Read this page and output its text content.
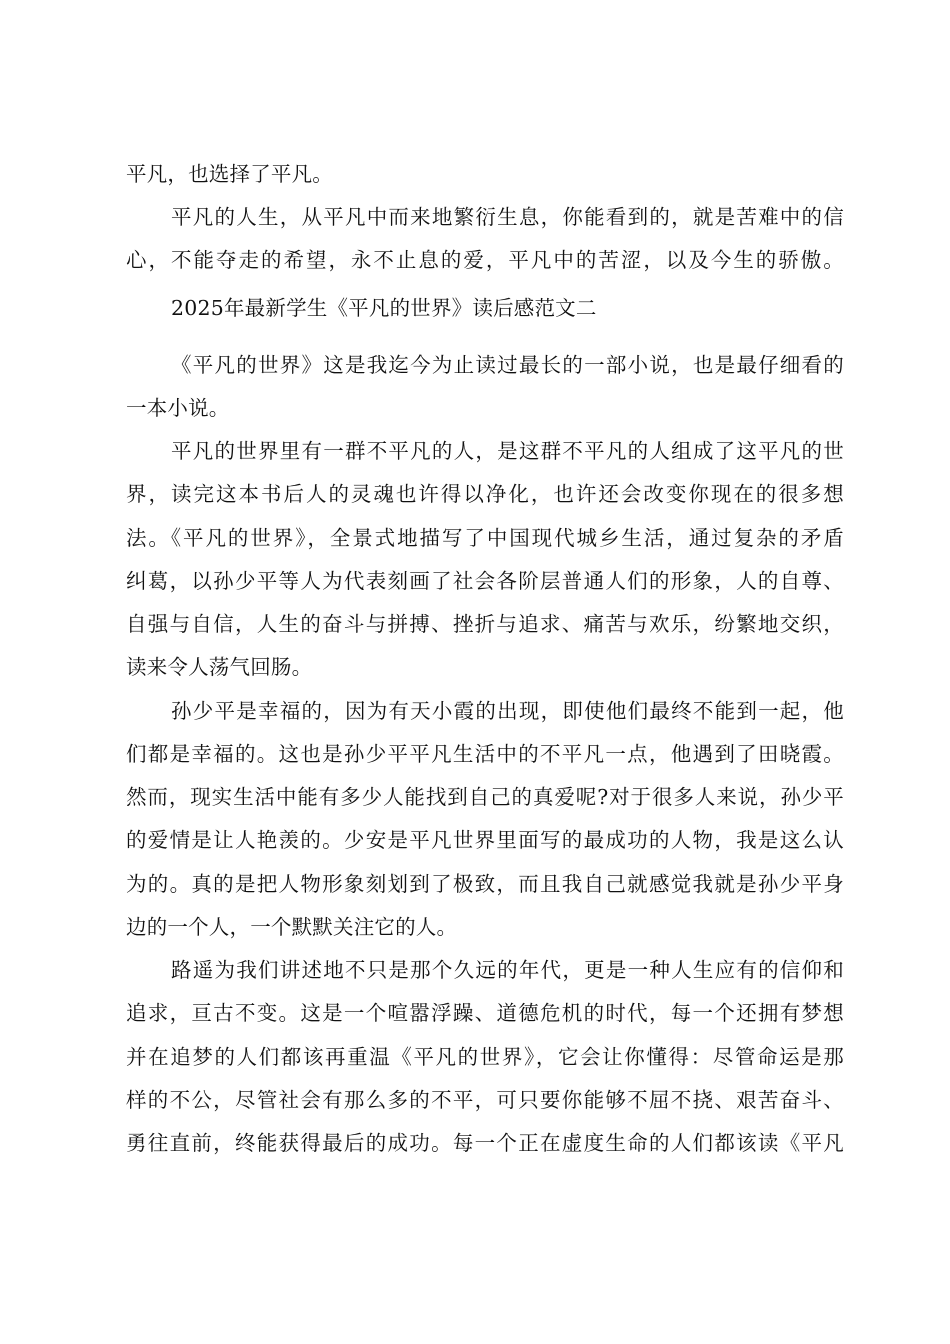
平凡，也选择了平凡。
平凡的人生，从平凡中而来地繁衍生息，你能看到的，就是苦难中的信
心，不能夺走的希望，永不止息的爱，平凡中的苦涩，以及今生的骄傲。
2025年最新学生《平凡的世界》读后感范文二
《平凡的世界》这是我迄今为止读过最长的一部小说，也是最仔细看的
一本小说。
平凡的世界里有一群不平凡的人，是这群不平凡的人组成了这平凡的世
界，读完这本书后人的灵魂也许得以净化，也许还会改变你现在的很多想
法。《平凡的世界》，全景式地描写了中国现代城乡生活，通过复杂的矛盾
纠葛，以孙少平等人为代表刻画了社会各阶层普通人们的形象，人的自尊、
自强与自信，人生的奋斗与拼搏、挫折与追求、痛苦与欢乐，纷繁地交织，
读来令人荡气回肠。
孙少平是幸福的，因为有天小霞的出现，即使他们最终不能到一起，他
们都是幸福的。这也是孙少平平凡生活中的不平凡一点，他遇到了田晓霞。
然而，现实生活中能有多少人能找到自己的真爱呢?对于很多人来说，孙少平
的爱情是让人艳羡的。少安是平凡世界里面写的最成功的人物，我是这么认
为的。真的是把人物形象刻划到了极致，而且我自己就感觉我就是孙少平身
边的一个人，一个默默关注它的人。
路遥为我们讲述地不只是那个久远的年代，更是一种人生应有的信仰和
追求，亘古不变。这是一个喧嚣浮躁、道德危机的时代，每一个还拥有梦想
并在追梦的人们都该再重温《平凡的世界》，它会让你懂得：尽管命运是那
样的不公，尽管社会有那么多的不平，可只要你能够不屈不挠、艰苦奋斗、
勇往直前，终能获得最后的成功。每一个正在虚度生命的人们都该读《平凡
